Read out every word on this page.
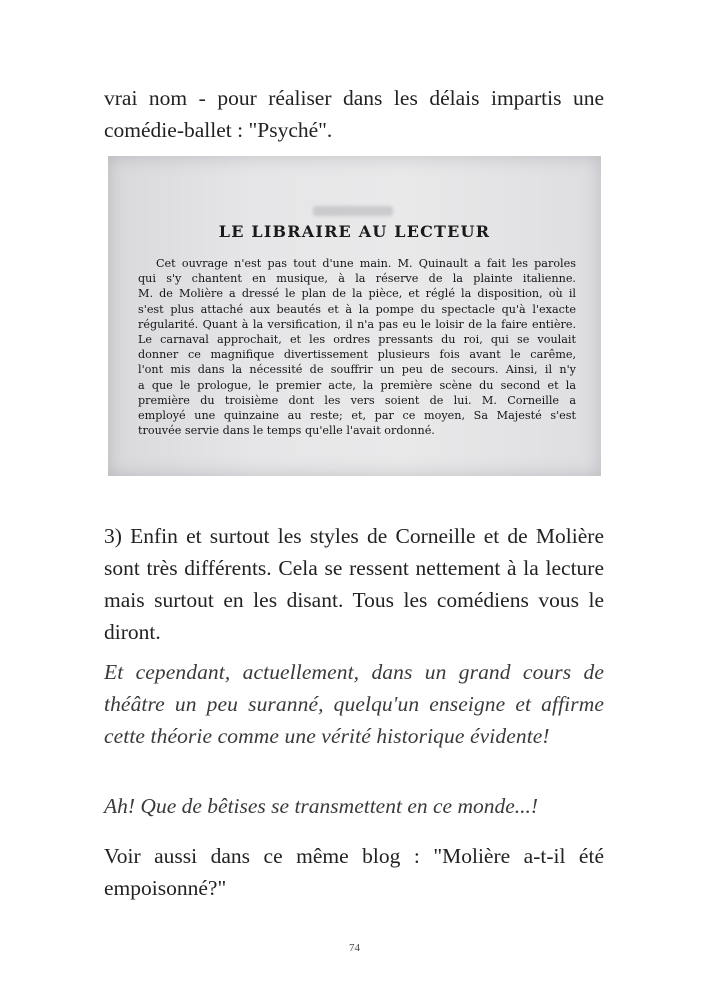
vrai nom - pour réaliser dans les délais impartis une comédie-ballet : "Psyché".

LE LIBRAIRE AU LECTEUR

Cet ouvrage n'est pas tout d'une main. M. Quinault a fait les paroles
qui s'y chantent en musique, à la réserve de la plainte italienne.
M. de Molière a dressé le plan de la pièce, et réglé la disposition, où il
s'est plus attaché aux beautés et à la pompe du spectacle qu'à l'exacte
régularité. Quant à la versification, il n'a pas eu le loisir de la faire entière.
Le carnaval approchait, et les ordres pressants du roi, qui se voulait
donner ce magnifique divertissement plusieurs fois avant le carême,
l'ont mis dans la nécessité de souffrir un peu de secours. Ainsi, il n'y
a que le prologue, le premier acte, la première scène du second et la
première du troisième dont les vers soient de lui. M. Corneille a
employé une quinzaine au reste; et, par ce moyen, Sa Majesté s'est
trouvée servie dans le temps qu'elle l'avait ordonné.

3) Enfin et surtout les styles de Corneille et de Molière sont très différents. Cela se ressent nettement à la lecture mais surtout en les disant. Tous les comédiens vous le diront.

Et cependant, actuellement, dans un grand cours de théâtre un peu suranné, quelqu'un enseigne et affirme cette théorie comme une vérité historique évidente!

Ah! Que de bêtises se transmettent en ce monde...!

Voir aussi dans ce même blog : "Molière a-t-il été empoisonné?"

74
